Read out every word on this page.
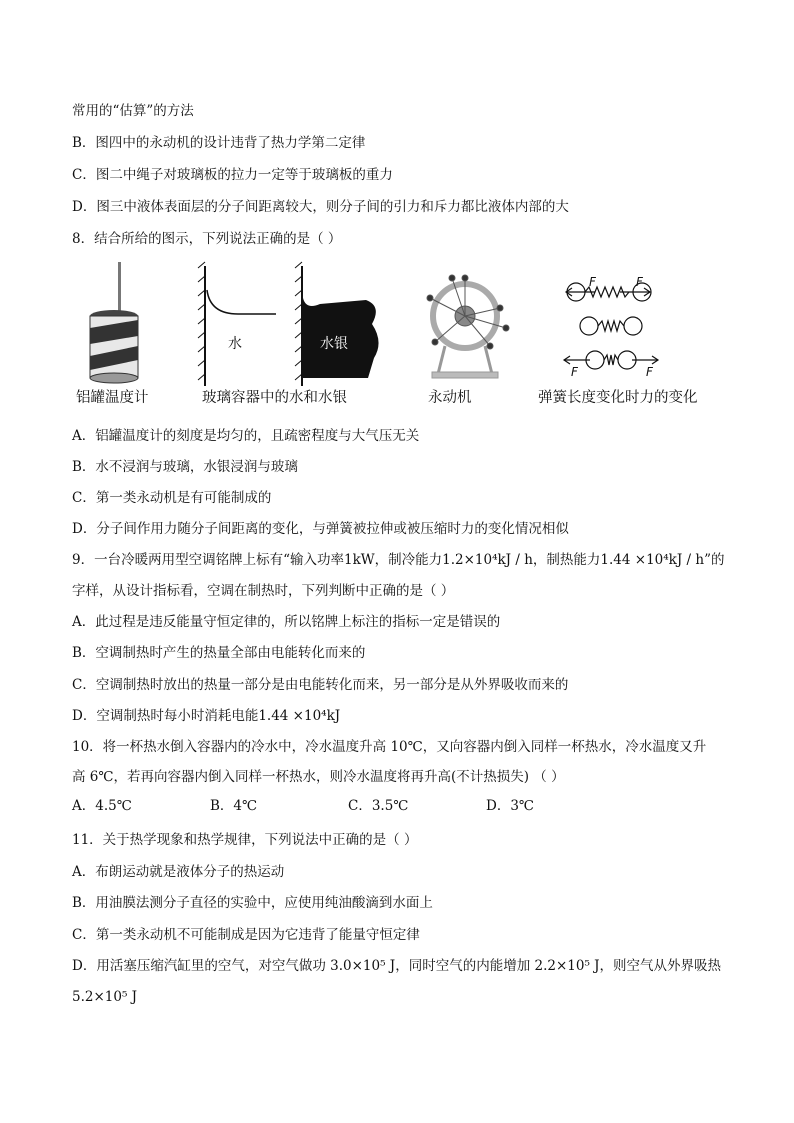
常用的“估算”的方法
B．图四中的永动机的设计违背了热力学第二定律
C．图二中绳子对玻璃板的拉力一定等于玻璃板的重力
D．图三中液体表面层的分子间距离较大，则分子间的引力和斥力都比液体内部的大
8．结合所给的图示，下列说法正确的是（ ）
水	水银
F	F
F	F
铝罐温度计	玻璃容器中的水和水银	永动机	弹簧长度变化时力的变化
A．铝罐温度计的刻度是均匀的，且疏密程度与大气压无关
B．水不浸润与玻璃，水银浸润与玻璃
C．第一类永动机是有可能制成的
D．分子间作用力随分子间距离的变化，与弹簧被拉伸或被压缩时力的变化情况相似
9．一台冷暖两用型空调铭牌上标有“输入功率1kW，制冷能力1.2×10⁴kJ / h，制热能力1.44 ×10⁴kJ / h”的
字样，从设计指标看，空调在制热时，下列判断中正确的是（ ）
A．此过程是违反能量守恒定律的，所以铭牌上标注的指标一定是错误的
B．空调制热时产生的热量全部由电能转化而来的
C．空调制热时放出的热量一部分是由电能转化而来，另一部分是从外界吸收而来的
D．空调制热时每小时消耗电能1.44 ×10⁴kJ
10．将一杯热水倒入容器内的冷水中，冷水温度升高 10℃，又向容器内倒入同样一杯热水，冷水温度又升
高 6℃，若再向容器内倒入同样一杯热水，则冷水温度将再升高(不计热损失) （ ）
A．4.5℃	B．4℃	C．3.5℃	D．3℃
11．关于热学现象和热学规律，下列说法中正确的是（ ）
A．布朗运动就是液体分子的热运动
B．用油膜法测分子直径的实验中，应使用纯油酸滴到水面上
C．第一类永动机不可能制成是因为它违背了能量守恒定律
D．用活塞压缩汽缸里的空气，对空气做功 3.0×10⁵ J，同时空气的内能增加 2.2×10⁵ J，则空气从外界吸热
5.2×10⁵ J
